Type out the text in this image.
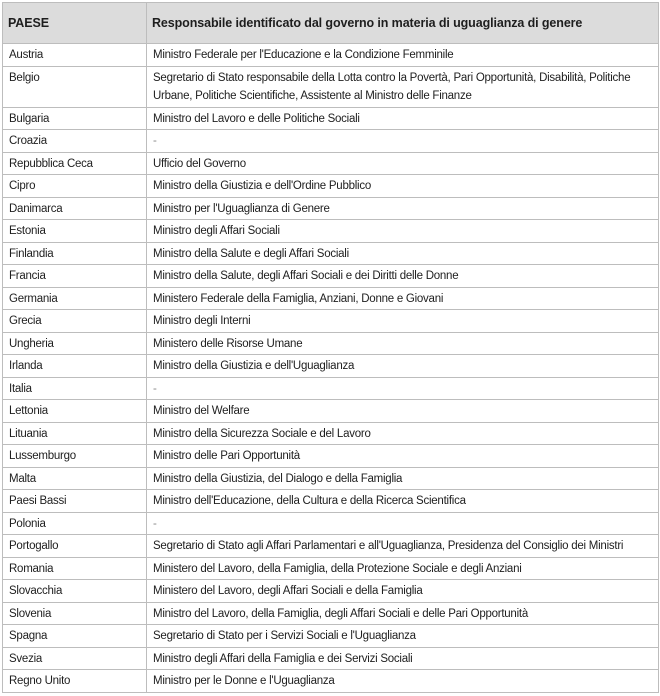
PAESE	Responsabile identificato dal governo in materia di uguaglianza di genere
Austria	Ministro Federale per l'Educazione e la Condizione Femminile
Belgio	Segretario di Stato responsabile della Lotta contro la Povertà, Pari Opportunità, Disabilità, Politiche Urbane, Politiche Scientifiche, Assistente al Ministro delle Finanze
Bulgaria	Ministro del Lavoro e delle Politiche Sociali
Croazia	-
Repubblica Ceca	Ufficio del Governo
Cipro	Ministro della Giustizia e dell'Ordine Pubblico
Danimarca	Ministro per l'Uguaglianza di Genere
Estonia	Ministro degli Affari Sociali
Finlandia	Ministro della Salute e degli Affari Sociali
Francia	Ministro della Salute, degli Affari Sociali e dei Diritti delle Donne
Germania	Ministero Federale della Famiglia, Anziani, Donne e Giovani
Grecia	Ministro degli Interni
Ungheria	Ministero delle Risorse Umane
Irlanda	Ministro della Giustizia e dell'Uguaglianza
Italia	-
Lettonia	Ministro del Welfare
Lituania	Ministro della Sicurezza Sociale e del Lavoro
Lussemburgo	Ministro delle Pari Opportunità
Malta	Ministro della Giustizia, del Dialogo e della Famiglia
Paesi Bassi	Ministro dell'Educazione, della Cultura e della Ricerca Scientifica
Polonia	-
Portogallo	Segretario di Stato agli Affari Parlamentari e all'Uguaglianza, Presidenza del Consiglio dei Ministri
Romania	Ministero del Lavoro, della Famiglia, della Protezione Sociale e degli Anziani
Slovacchia	Ministero del Lavoro, degli Affari Sociali e della Famiglia
Slovenia	Ministro del Lavoro, della Famiglia, degli Affari Sociali e delle Pari Opportunità
Spagna	Segretario di Stato per i Servizi Sociali e l'Uguaglianza
Svezia	Ministro degli Affari della Famiglia e dei Servizi Sociali
Regno Unito	Ministro per le Donne e l'Uguaglianza
